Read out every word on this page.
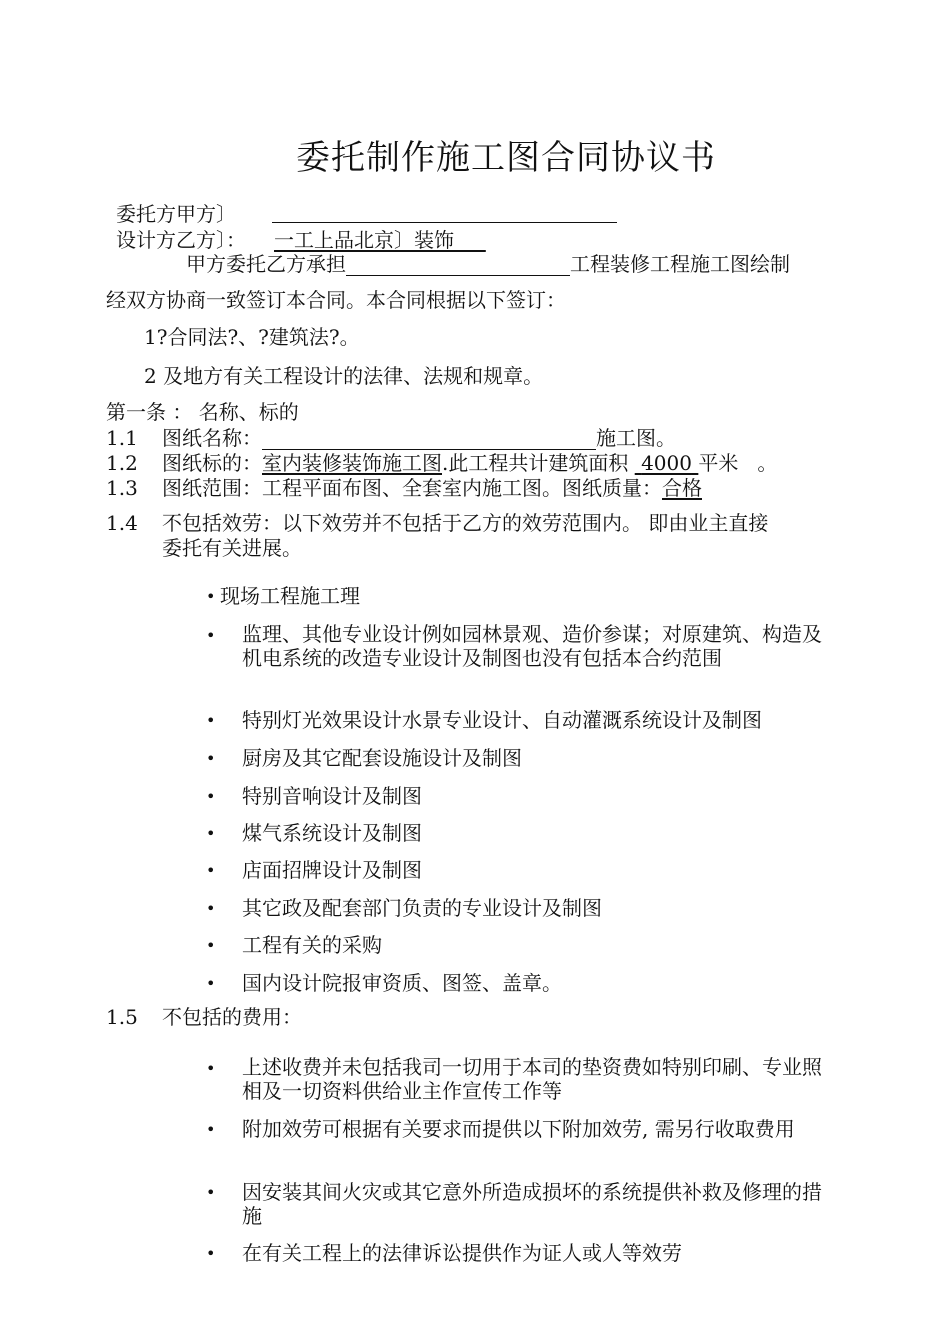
委托制作施工图合同协议书
委托方甲方〕
设计方乙方〕： 一工上品北京〕装饰
甲方委托乙方承担	工程装修工程施工图绘制
经双方协商一致签订本合同。本合同根据以下签订：
1?合同法?、?建筑法?。
2 及地方有关工程设计的法律、法规和规章。
第一条 ： 名称、标的
1.1 图纸名称：	施工图。
1.2 图纸标的：室内装修装饰施工图.此工程共计建筑面积 4000 平米 。
1.3 图纸范围：工程平面布图、全套室内施工图。图纸质量：合格
1.4 不包括效劳：以下效劳并不包括于乙方的效劳范围内。 即由业主直接
委托有关进展。
• 现场工程施工理
• 监理、其他专业设计例如园林景观、造价参谋；对原建筑、构造及机电系统的改造专业设计及制图也没有包括本合约范围
• 特别灯光效果设计水景专业设计、自动灌溉系统设计及制图
• 厨房及其它配套设施设计及制图
• 特别音响设计及制图
• 煤气系统设计及制图
• 店面招牌设计及制图
• 其它政及配套部门负责的专业设计及制图
• 工程有关的采购
• 国内设计院报审资质、图签、盖章。
1.5 不包括的费用：
• 上述收费并未包括我司一切用于本司的垫资费如特别印刷、专业照相及一切资料供给业主作宣传工作等
• 附加效劳可根据有关要求而提供以下附加效劳, 需另行收取费用
• 因安装其间火灾或其它意外所造成损坏的系统提供补救及修理的措施
• 在有关工程上的法律诉讼提供作为证人或人等效劳
